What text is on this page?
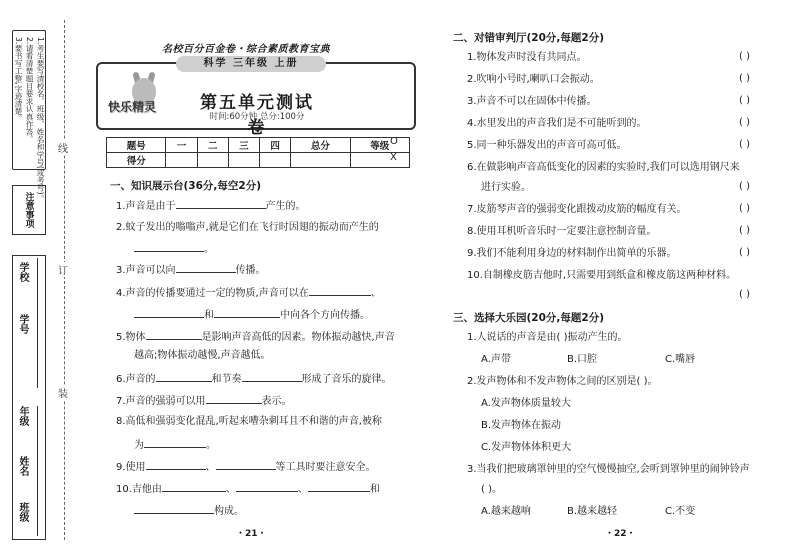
1.考生要写清校名、班级、姓名和学号(或考号)。
2.请看清楚题目要求认真作答。
3.要书写工整,字迹清楚。
注意事项
学校
学号
年级
姓名
班级
线
订
装
名校百分百金卷・综合素质教育宝典
快乐精灵
O
X
科学 三年级 上册
第五单元测试卷
时间:60分钟 总分:100分
题号	一	二	三	四	总分	等级
得分						
一、知识展示台(36分,每空2分)
1.声音是由于	产生的。
2.蚊子发出的嗡嗡声,就是它们在飞行时因翅的振动而产生的
。
3.声音可以向	传播。
4.声音的传播要通过一定的物质,声音可以在	、
和	中向各个方向传播。
5.物体	是影响声音高低的因素。物体振动越快,声音
越高;物体振动越慢,声音越低。
6.声音的	和节奏	形成了音乐的旋律。
7.声音的强弱可以用	表示。
8.高低和强弱变化混乱,听起来嘈杂刺耳且不和谐的声音,被称
为	。
9.使用	、	等工具时要注意安全。
10.吉他由	、	、	和
构成。
・21・
二、对错审判厅(20分,每题2分)
1.物体发声时没有共同点。	( )
2.吹响小号时,喇叭口会振动。	( )
3.声音不可以在固体中传播。	( )
4.水里发出的声音我们是不可能听到的。	( )
5.同一种乐器发出的声音可高可低。	( )
6.在做影响声音高低变化的因素的实验时,我们可以选用钢尺来
进行实验。	( )
7.皮筋琴声音的强弱变化跟拨动皮筋的幅度有关。	( )
8.使用耳机听音乐时一定要注意控制音量。	( )
9.我们不能利用身边的材料制作出简单的乐器。	( )
10.自制橡皮筋吉他时,只需要用到纸盒和橡皮筋这两种材料。
( )
三、选择大乐园(20分,每题2分)
1.人说话的声音是由( )振动产生的。
A.声带	B.口腔	C.嘴唇
2.发声物体和不发声物体之间的区别是( )。
A.发声物体质量较大
B.发声物体在振动
C.发声物体体积更大
3.当我们把玻璃罩钟里的空气慢慢抽空,会听到罩钟里的闹钟铃声
( )。
A.越来越响	B.越来越轻	C.不变
・22・
